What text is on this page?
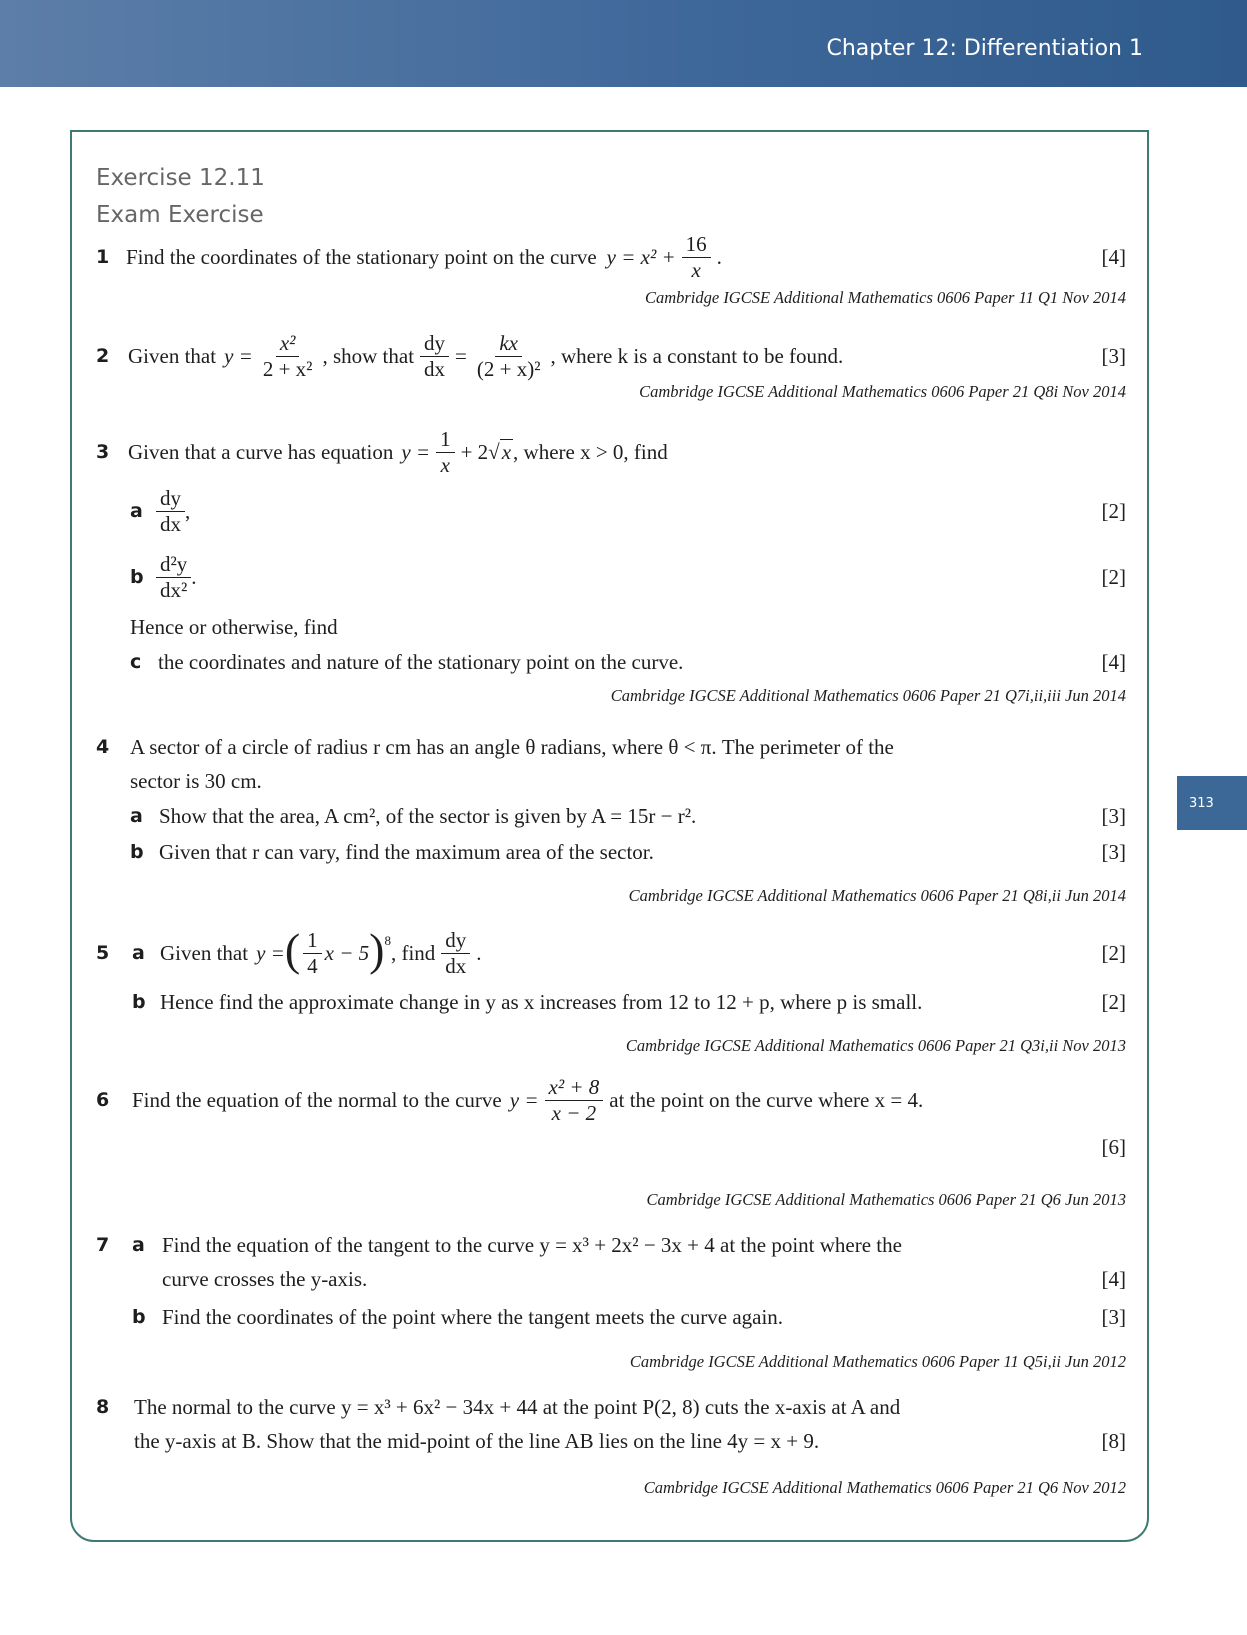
Chapter 12: Differentiation 1
313
Exercise 12.11
Exam Exercise
1 Find the coordinates of the stationary point on the curve $y = x^2 + \frac{16}{x}$ .	[4]
Cambridge IGCSE Additional Mathematics 0606 Paper 11 Q1 Nov 2014
2 Given that $y = \frac{\text{x²}}{\text{2 + x²}}$ , show that $\frac{dy}{dx} = \frac{kx}{\text{(2 + x)²}}$ , where k is a constant to be found.	[3]
Cambridge IGCSE Additional Mathematics 0606 Paper 21 Q8i Nov 2014
3 Given that a curve has equation $y = \frac{1}{x} + 2$ √ x , where x > 0, find
a $\frac{dy}{dx}$ ,	[2]
b $\frac{\text{d²y}}{\text{dx²}}$ .	[2]
Hence or otherwise, find
c the coordinates and nature of the stationary point on the curve.	[4]
Cambridge IGCSE Additional Mathematics 0606 Paper 21 Q7i,ii,iii Jun 2014
4 A sector of a circle of radius r cm has an angle θ radians, where θ < π. The perimeter of the
sector is 30 cm.
a Show that the area, A cm², of the sector is given by A = 15r − r².	[3]
b Given that r can vary, find the maximum area of the sector.	[3]
Cambridge IGCSE Additional Mathematics 0606 Paper 21 Q8i,ii Jun 2014
5 a Given that y = ( $\frac{1}{4}$ x − 5 )$^8$ , find $\frac{dy}{dx}$ .	[2]
b Hence find the approximate change in y as x increases from 12 to 12 + p, where p is small.	[2]
Cambridge IGCSE Additional Mathematics 0606 Paper 21 Q3i,ii Nov 2013
6 Find the equation of the normal to the curve $y = \frac{\text{x² + 8}}{x - 2}$ at the point on the curve where x = 4.
[6]
Cambridge IGCSE Additional Mathematics 0606 Paper 21 Q6 Jun 2013
7 a Find the equation of the tangent to the curve y = x³ + 2x² − 3x + 4 at the point where the
curve crosses the y-axis.	[4]
b Find the coordinates of the point where the tangent meets the curve again.	[3]
Cambridge IGCSE Additional Mathematics 0606 Paper 11 Q5i,ii Jun 2012
8 The normal to the curve y = x³ + 6x² − 34x + 44 at the point P(2, 8) cuts the x-axis at A and
the y-axis at B. Show that the mid-point of the line AB lies on the line 4y = x + 9.	[8]
Cambridge IGCSE Additional Mathematics 0606 Paper 21 Q6 Nov 2012
